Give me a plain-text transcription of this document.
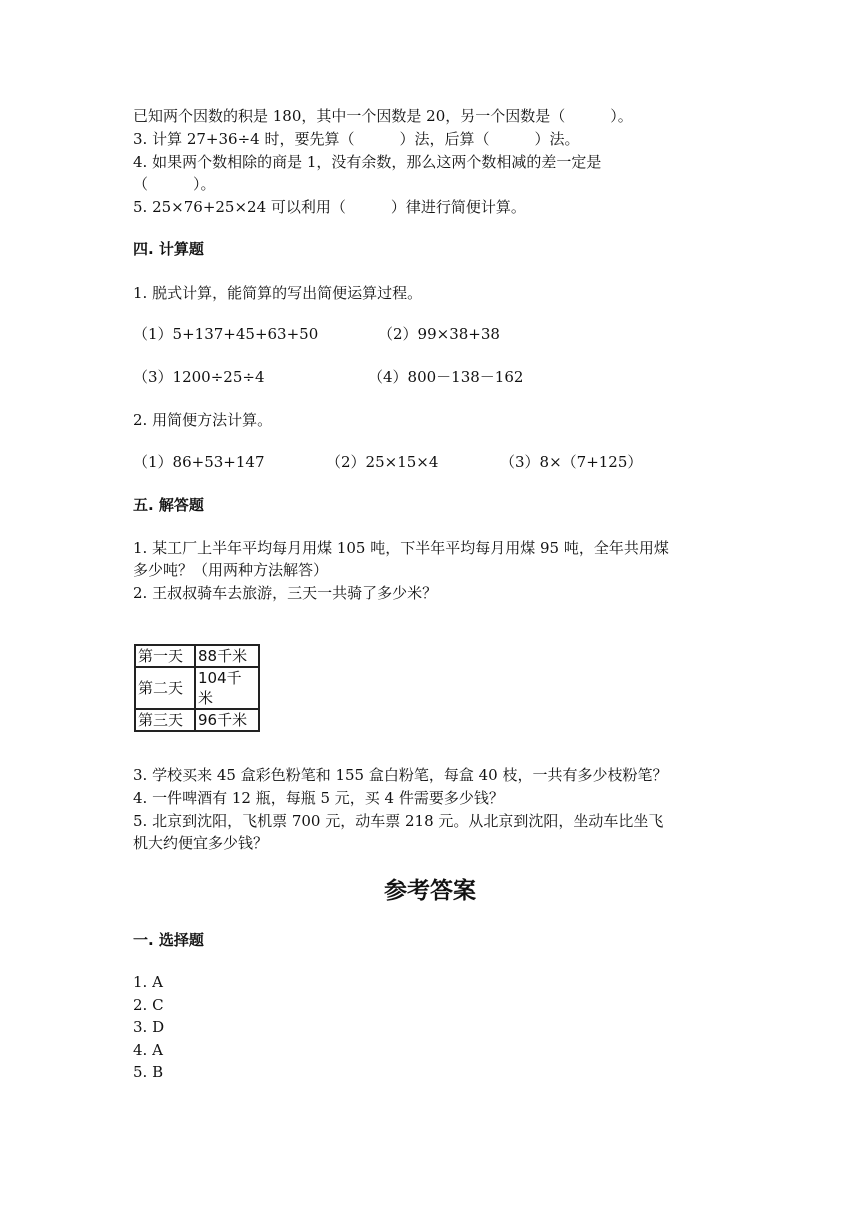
已知两个因数的积是 180，其中一个因数是 20，另一个因数是（　　　）。
3. 计算 27+36÷4 时，要先算（　　　）法，后算（　　　）法。
4. 如果两个数相除的商是 1，没有余数，那么这两个数相减的差一定是
（　　　）。
5. 25×76+25×24 可以利用（　　　）律进行简便计算。
四. 计算题
1. 脱式计算，能简算的写出简便运算过程。
（1）5+137+45+63+50	（2）99×38+38
（3）1200÷25÷4	（4）800－138－162
2. 用简便方法计算。
（1）86+53+147	（2）25×15×4	（3）8×（7+125）
五. 解答题
1. 某工厂上半年平均每月用煤 105 吨，下半年平均每月用煤 95 吨，全年共用煤
多少吨？（用两种方法解答）
2. 王叔叔骑车去旅游，三天一共骑了多少米？
第一天	88千米
第二天	104千米
第三天	96千米
3. 学校买来 45 盒彩色粉笔和 155 盒白粉笔，每盒 40 枝，一共有多少枝粉笔？
4. 一件啤酒有 12 瓶，每瓶 5 元，买 4 件需要多少钱？
5. 北京到沈阳，飞机票 700 元，动车票 218 元。从北京到沈阳，坐动车比坐飞
机大约便宜多少钱？
参考答案
一. 选择题
1. A
2. C
3. D
4. A
5. B
